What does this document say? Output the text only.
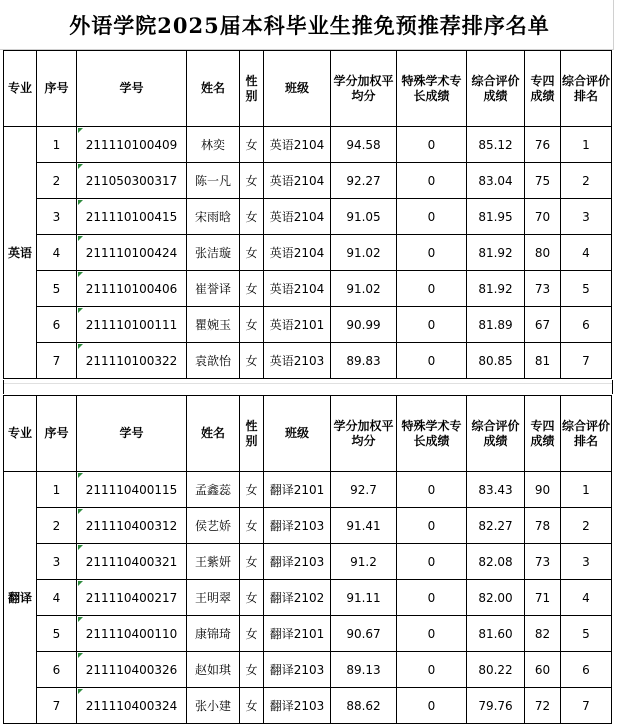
外语学院2025届本科毕业生推免预推荐排序名单
专业	序号	学号	姓名	性别	班级	学分加权平均分	特殊学术专长成绩	综合评价成绩	专四成绩	综合评价排名
英语	1	211110100409	林奕	女	英语2104	94.58	0	85.12	76	1
	2	211050300317	陈一凡	女	英语2104	92.27	0	83.04	75	2
	3	211110100415	宋雨晗	女	英语2104	91.05	0	81.95	70	3
	4	211110100424	张洁璇	女	英语2104	91.02	0	81.92	80	4
	5	211110100406	崔誉译	女	英语2104	91.02	0	81.92	73	5
	6	211110100111	瞿婉玉	女	英语2101	90.99	0	81.89	67	6
	7	211110100322	袁歆怡	女	英语2103	89.83	0	80.85	81	7
专业	序号	学号	姓名	性别	班级	学分加权平均分	特殊学术专长成绩	综合评价成绩	专四成绩	综合评价排名
翻译	1	211110400115	孟鑫蕊	女	翻译2101	92.7	0	83.43	90	1
	2	211110400312	侯艺娇	女	翻译2103	91.41	0	82.27	78	2
	3	211110400321	王紫妍	女	翻译2103	91.2	0	82.08	73	3
	4	211110400217	王明翠	女	翻译2102	91.11	0	82.00	71	4
	5	211110400110	康锦琦	女	翻译2101	90.67	0	81.60	82	5
	6	211110400326	赵如琪	女	翻译2103	89.13	0	80.22	60	6
	7	211110400324	张小建	女	翻译2103	88.62	0	79.76	72	7
